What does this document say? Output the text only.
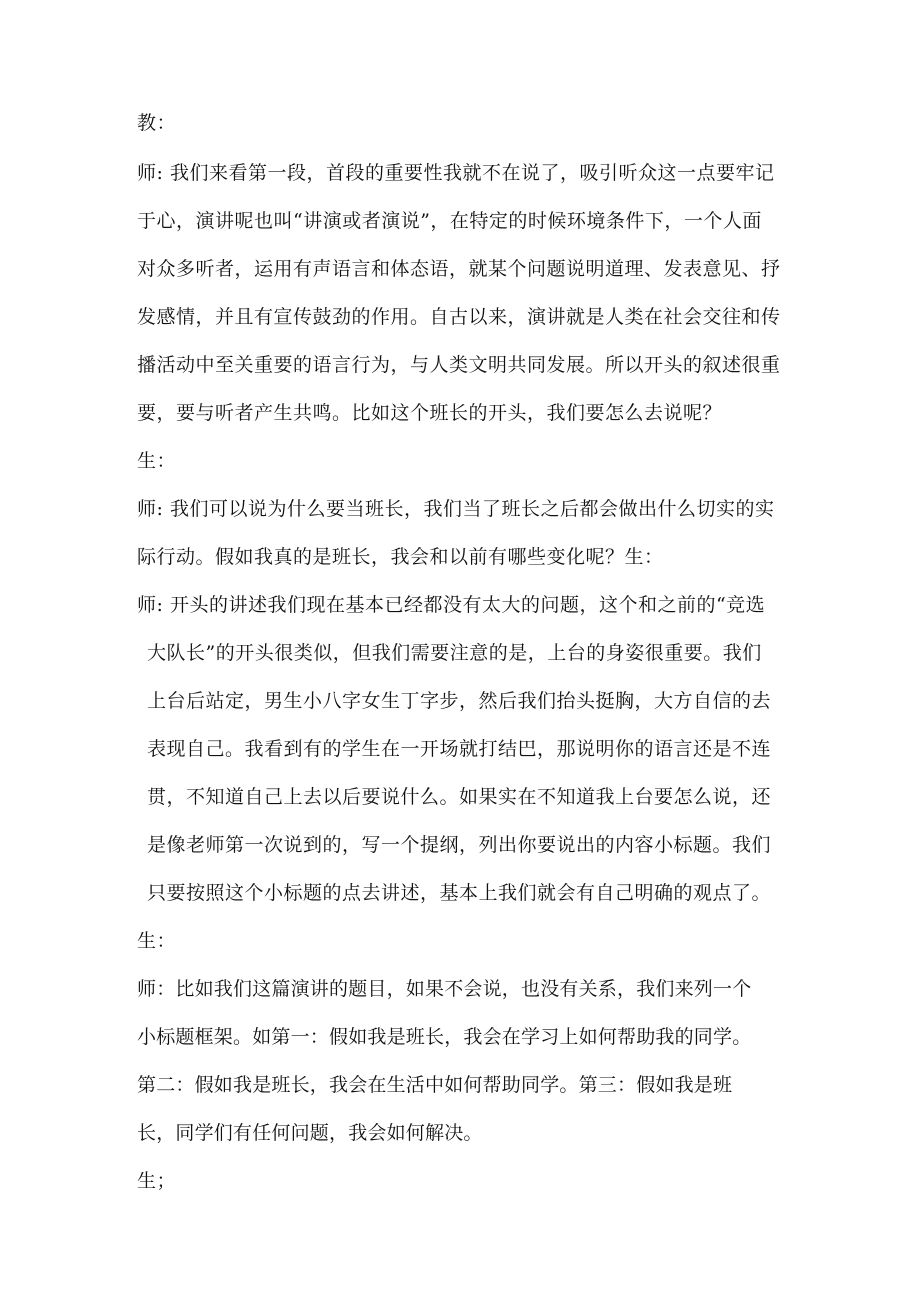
教：
师: 我们来看第一段，首段的重要性我就不在说了，吸引听众这一点要牢记
于心，演讲呢也叫“讲演或者演说”，在特定的时候环境条件下，一个人面
对众多听者，运用有声语言和体态语，就某个问题说明道理、发表意见、抒
发感情，并且有宣传鼓劲的作用。自古以来，演讲就是人类在社会交往和传
播活动中至关重要的语言行为，与人类文明共同发展。所以开头的叙述很重
要，要与听者产生共鸣。比如这个班长的开头，我们要怎么去说呢？
生：
师: 我们可以说为什么要当班长，我们当了班长之后都会做出什么切实的实
际行动。假如我真的是班长，我会和以前有哪些变化呢？生：
师: 开头的讲述我们现在基本已经都没有太大的问题，这个和之前的“竞选
大队长”的开头很类似，但我们需要注意的是，上台的身姿很重要。我们
上台后站定，男生小八字女生丁字步，然后我们抬头挺胸，大方自信的去
表现自己。我看到有的学生在一开场就打结巴，那说明你的语言还是不连
贯，不知道自己上去以后要说什么。如果实在不知道我上台要怎么说，还
是像老师第一次说到的，写一个提纲，列出你要说出的内容小标题。我们
只要按照这个小标题的点去讲述，基本上我们就会有自己明确的观点了。
生：
师：比如我们这篇演讲的题目，如果不会说，也没有关系，我们来列一个
小标题框架。如第一：假如我是班长，我会在学习上如何帮助我的同学。
第二：假如我是班长，我会在生活中如何帮助同学。第三：假如我是班
长，同学们有任何问题，我会如何解决。
生；
